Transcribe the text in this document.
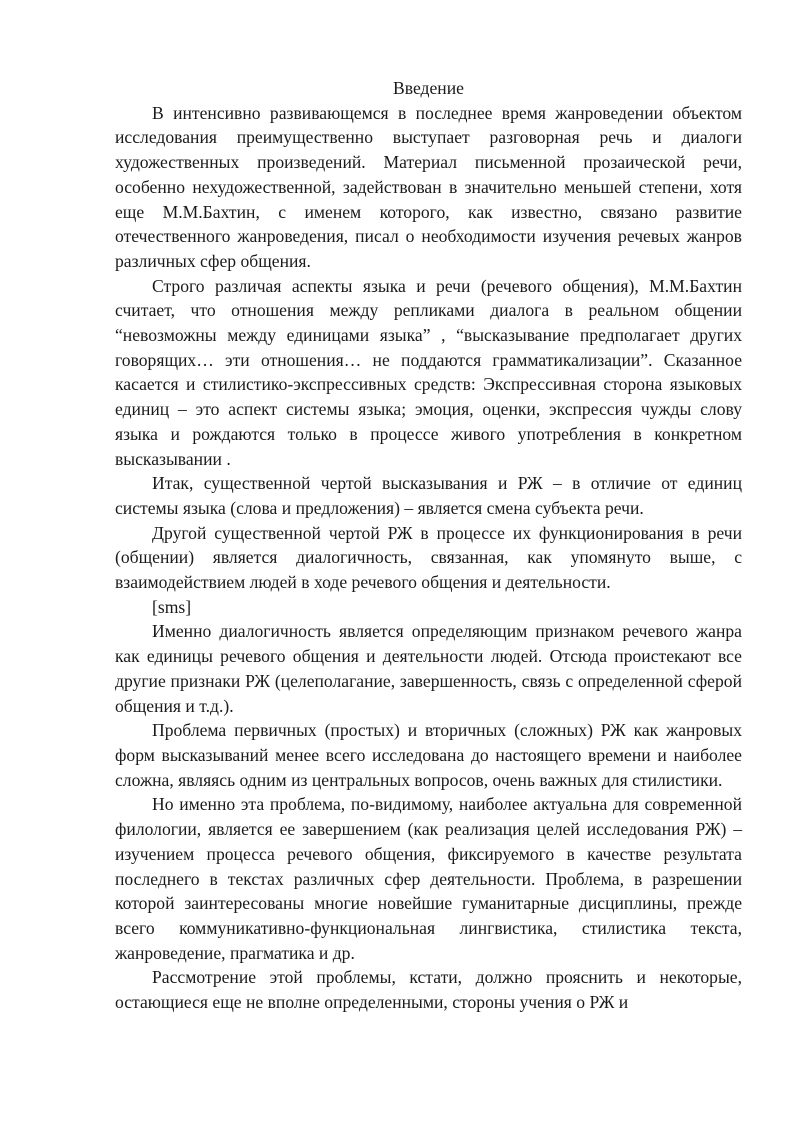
Введение

В интенсивно развивающемся в последнее время жанроведении объектом исследования преимущественно выступает разговорная речь и диалоги художественных произведений. Материал письменной прозаической речи, особенно нехудожественной, задействован в значительно меньшей степени, хотя еще М.М.Бахтин, с именем которого, как известно, связано развитие отечественного жанроведения, писал о необходимости изучения речевых жанров различных сфер общения.

Строго различая аспекты языка и речи (речевого общения), М.М.Бахтин считает, что отношения между репликами диалога в реальном общении “невозможны между единицами языка” , “высказывание предполагает других говорящих… эти отношения… не поддаются грамматикализации”. Сказанное касается и стилистико-экспрессивных средств: Экспрессивная сторона языковых единиц – это аспект системы языка; эмоция, оценки, экспрессия чужды слову языка и рождаются только в процессе живого употребления в конкретном высказывании .

Итак, существенной чертой высказывания и РЖ – в отличие от единиц системы языка (слова и предложения) – является смена субъекта речи.

Другой существенной чертой РЖ в процессе их функционирования в речи (общении) является диалогичность, связанная, как упомянуто выше, с взаимодействием людей в ходе речевого общения и деятельности.

[sms]

Именно диалогичность является определяющим признаком речевого жанра как единицы речевого общения и деятельности людей. Отсюда проистекают все другие признаки РЖ (целеполагание, завершенность, связь с определенной сферой общения и т.д.).

Проблема первичных (простых) и вторичных (сложных) РЖ как жанровых форм высказываний менее всего исследована до настоящего времени и наиболее сложна, являясь одним из центральных вопросов, очень важных для стилистики.

Но именно эта проблема, по-видимому, наиболее актуальна для современной филологии, является ее завершением (как реализация целей исследования РЖ) – изучением процесса речевого общения, фиксируемого в качестве результата последнего в текстах различных сфер деятельности. Проблема, в разрешении которой заинтересованы многие новейшие гуманитарные дисциплины, прежде всего коммуникативно-функциональная лингвистика, стилистика текста, жанроведение, прагматика и др.

Рассмотрение этой проблемы, кстати, должно прояснить и некоторые, остающиеся еще не вполне определенными, стороны учения о РЖ и
